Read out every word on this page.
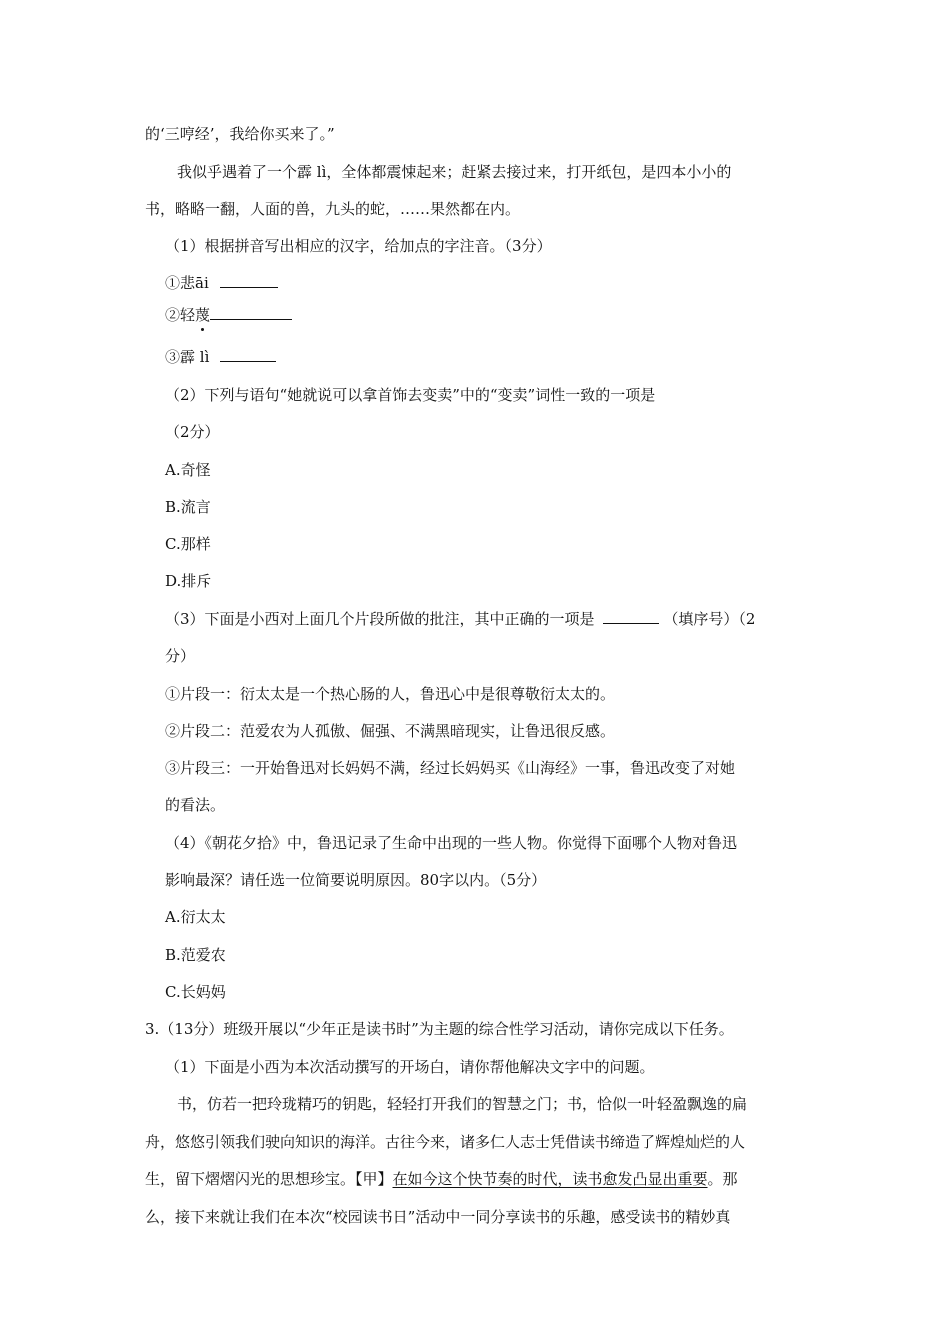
的‘三哼经’，我给你买来了。”
我似乎遇着了一个霹 lì，全体都震悚起来；赶紧去接过来，打开纸包，是四本小小的
书，略略一翻，人面的兽，九头的蛇，……果然都在内。
（1）根据拼音写出相应的汉字，给加点的字注音。（3分）
①悲āi
②轻蔑
③霹 lì
（2）下列与语句“她就说可以拿首饰去变卖”中的“变卖”词性一致的一项是
（2分）
A.奇怪
B.流言
C.那样
D.排斥
（3）下面是小西对上面几个片段所做的批注，其中正确的一项是	（填序号）（2
分）
①片段一：衍太太是一个热心肠的人，鲁迅心中是很尊敬衍太太的。
②片段二：范爱农为人孤傲、倔强、不满黑暗现实，让鲁迅很反感。
③片段三：一开始鲁迅对长妈妈不满，经过长妈妈买《山海经》一事，鲁迅改变了对她
的看法。
（4）《朝花夕拾》中，鲁迅记录了生命中出现的一些人物。你觉得下面哪个人物对鲁迅
影响最深？请任选一位简要说明原因。80字以内。（5分）
A.衍太太
B.范爱农
C.长妈妈
3.（13分）班级开展以“少年正是读书时”为主题的综合性学习活动，请你完成以下任务。
（1）下面是小西为本次活动撰写的开场白，请你帮他解决文字中的问题。
书，仿若一把玲珑精巧的钥匙，轻轻打开我们的智慧之门；书，恰似一叶轻盈飘逸的扁
舟，悠悠引领我们驶向知识的海洋。古往今来，诸多仁人志士凭借读书缔造了辉煌灿烂的人
生，留下熠熠闪光的思想珍宝。【甲】在如今这个快节奏的时代，读书愈发凸显出重要。那
么，接下来就让我们在本次“校园读书日”活动中一同分享读书的乐趣，感受读书的精妙真
